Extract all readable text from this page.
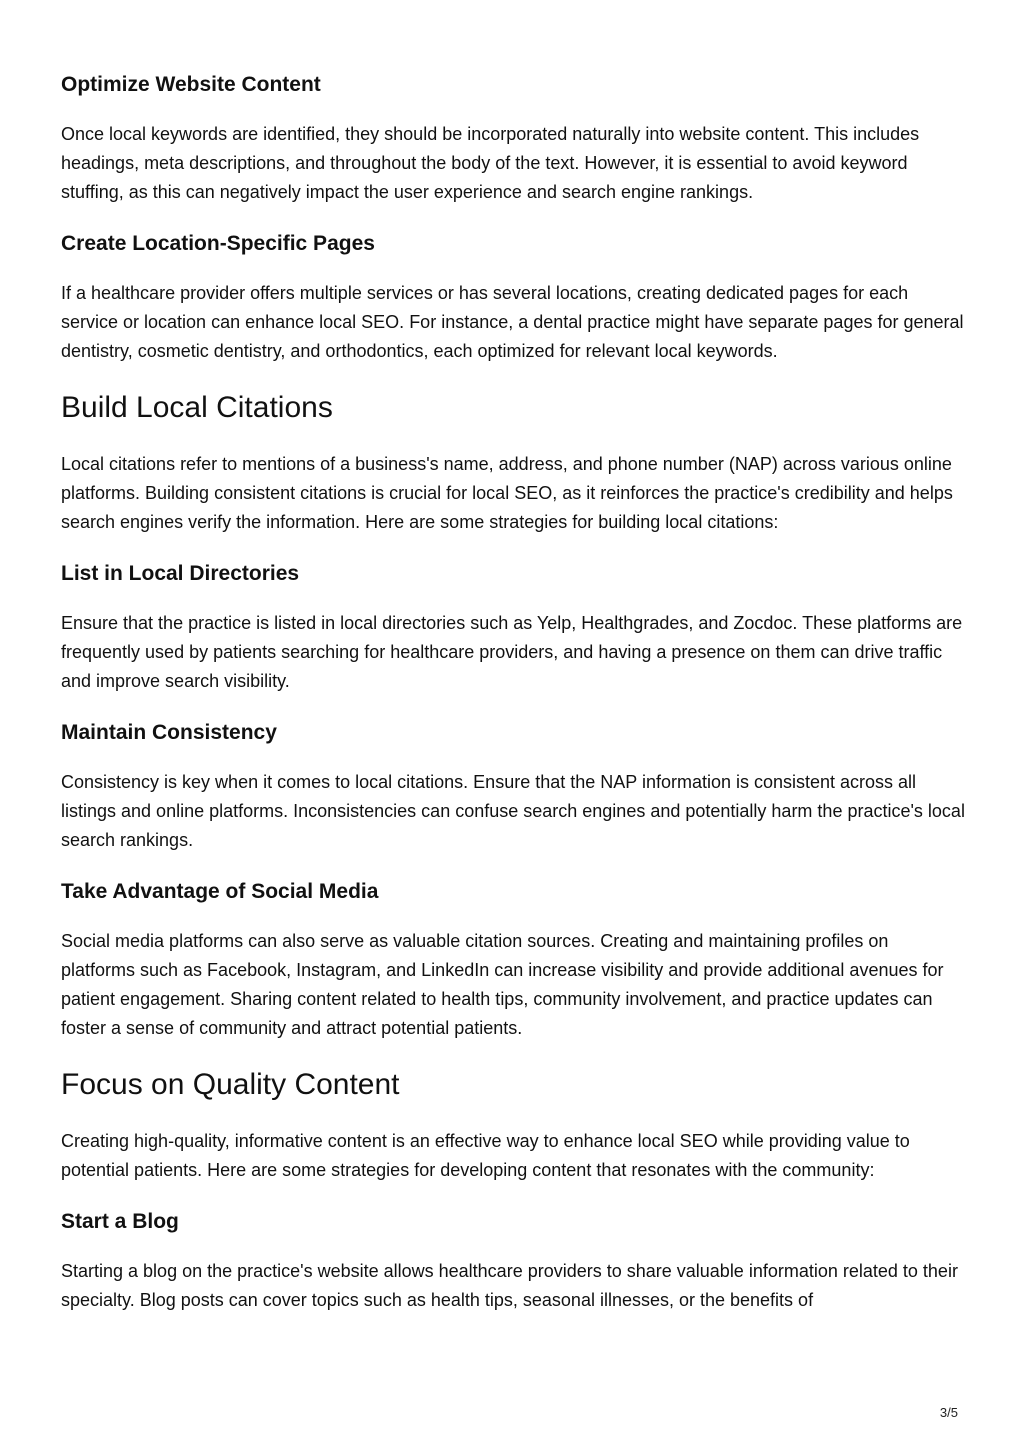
Optimize Website Content

Once local keywords are identified, they should be incorporated naturally into website content. This includes headings, meta descriptions, and throughout the body of the text. However, it is essential to avoid keyword stuffing, as this can negatively impact the user experience and search engine rankings.

Create Location-Specific Pages

If a healthcare provider offers multiple services or has several locations, creating dedicated pages for each service or location can enhance local SEO. For instance, a dental practice might have separate pages for general dentistry, cosmetic dentistry, and orthodontics, each optimized for relevant local keywords.

Build Local Citations

Local citations refer to mentions of a business's name, address, and phone number (NAP) across various online platforms. Building consistent citations is crucial for local SEO, as it reinforces the practice's credibility and helps search engines verify the information. Here are some strategies for building local citations:

List in Local Directories

Ensure that the practice is listed in local directories such as Yelp, Healthgrades, and Zocdoc. These platforms are frequently used by patients searching for healthcare providers, and having a presence on them can drive traffic and improve search visibility.

Maintain Consistency

Consistency is key when it comes to local citations. Ensure that the NAP information is consistent across all listings and online platforms. Inconsistencies can confuse search engines and potentially harm the practice's local search rankings.

Take Advantage of Social Media

Social media platforms can also serve as valuable citation sources. Creating and maintaining profiles on platforms such as Facebook, Instagram, and LinkedIn can increase visibility and provide additional avenues for patient engagement. Sharing content related to health tips, community involvement, and practice updates can foster a sense of community and attract potential patients.

Focus on Quality Content

Creating high-quality, informative content is an effective way to enhance local SEO while providing value to potential patients. Here are some strategies for developing content that resonates with the community:

Start a Blog

Starting a blog on the practice's website allows healthcare providers to share valuable information related to their specialty. Blog posts can cover topics such as health tips, seasonal illnesses, or the benefits of

3/5
